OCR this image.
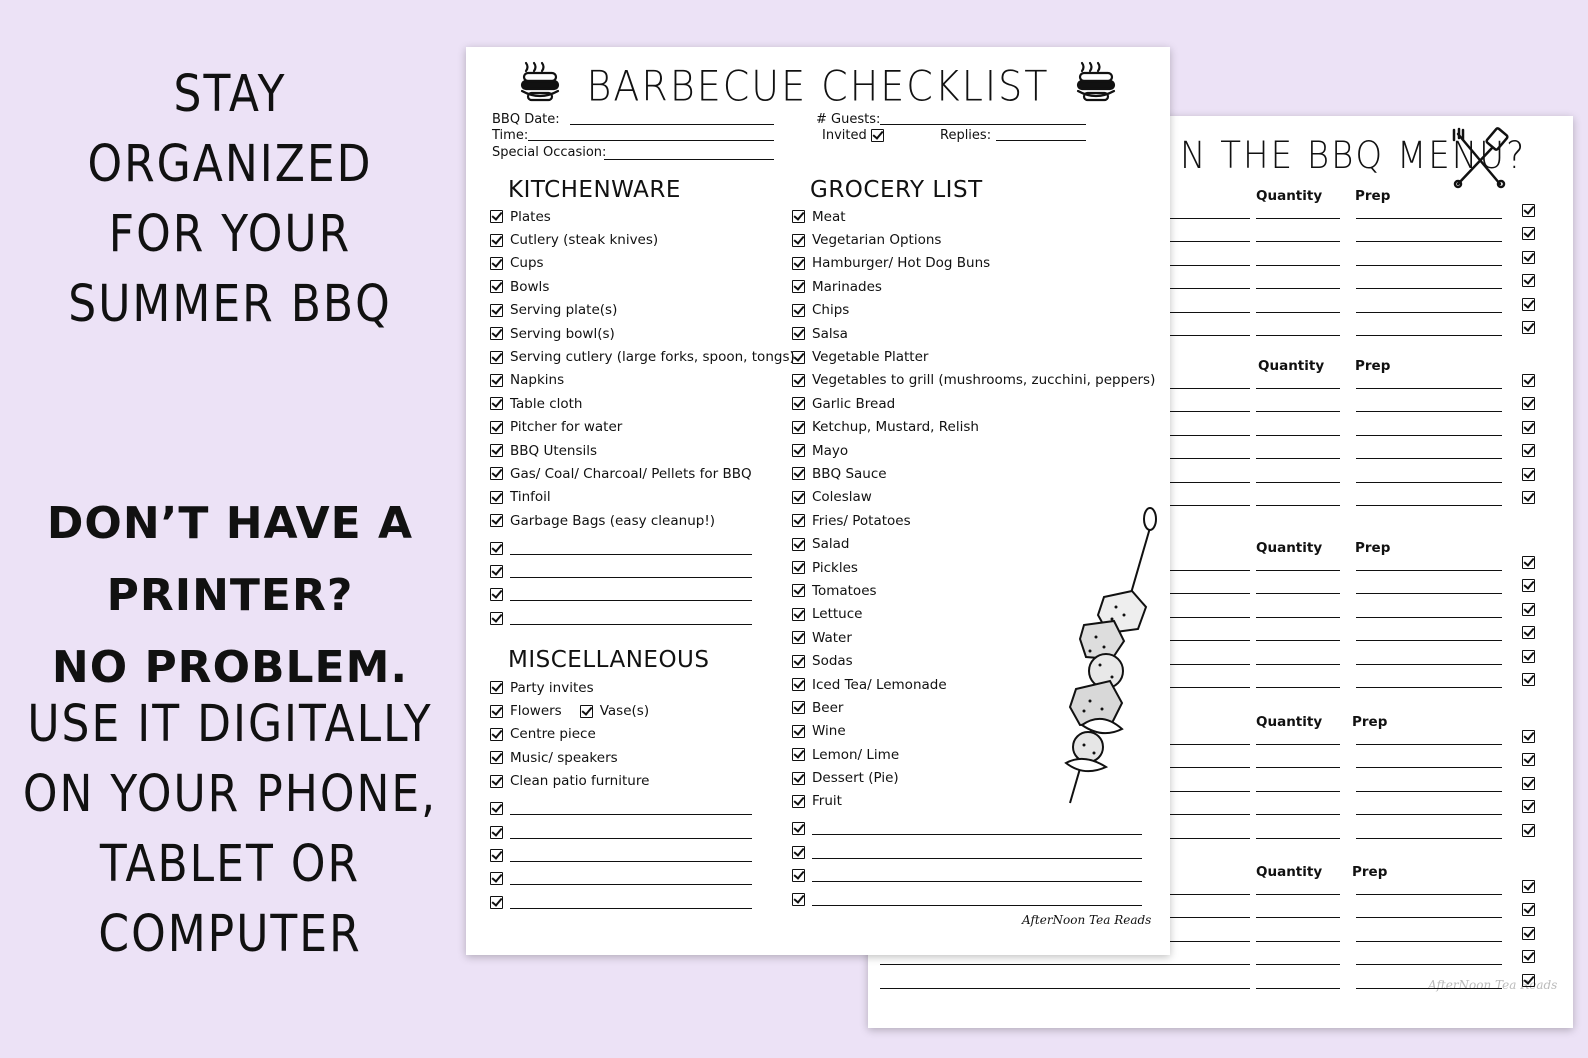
STAY
ORGANIZED
FOR YOUR
SUMMER BBQ
DON’T HAVE A
PRINTER?
NO PROBLEM.
USE IT DIGITALLY
ON YOUR PHONE,
TABLET OR
COMPUTER
N THE BBQ MENU?
AfterNoon Tea Reads
Quantity Prep
Quantity Prep
Quantity Prep
Quantity Prep
Quantity Prep
BARBECUE CHECKLIST
BBQ Date:
Time:
Special Occasion:
# Guests:
Invited	Replies:
KITCHENWARE
Plates
Cutlery (steak knives)
Cups
Bowls
Serving plate(s)
Serving bowl(s)
Serving cutlery (large forks, spoon, tongs)
Napkins
Table cloth
Pitcher for water
BBQ Utensils
Gas/ Coal/ Charcoal/ Pellets for BBQ
Tinfoil
Garbage Bags (easy cleanup!)
MISCELLANEOUS
Party invites
Flowers	Vase(s)
Centre piece
Music/ speakers
Clean patio furniture
GROCERY LIST
Meat
Vegetarian Options
Hamburger/ Hot Dog Buns
Marinades
Chips
Salsa
Vegetable Platter
Vegetables to grill (mushrooms, zucchini, peppers)
Garlic Bread
Ketchup, Mustard, Relish
Mayo
BBQ Sauce
Coleslaw
Fries/ Potatoes
Salad
Pickles
Tomatoes
Lettuce
Water
Sodas
Iced Tea/ Lemonade
Beer
Wine
Lemon/ Lime
Dessert (Pie)
Fruit
AfterNoon Tea Reads
